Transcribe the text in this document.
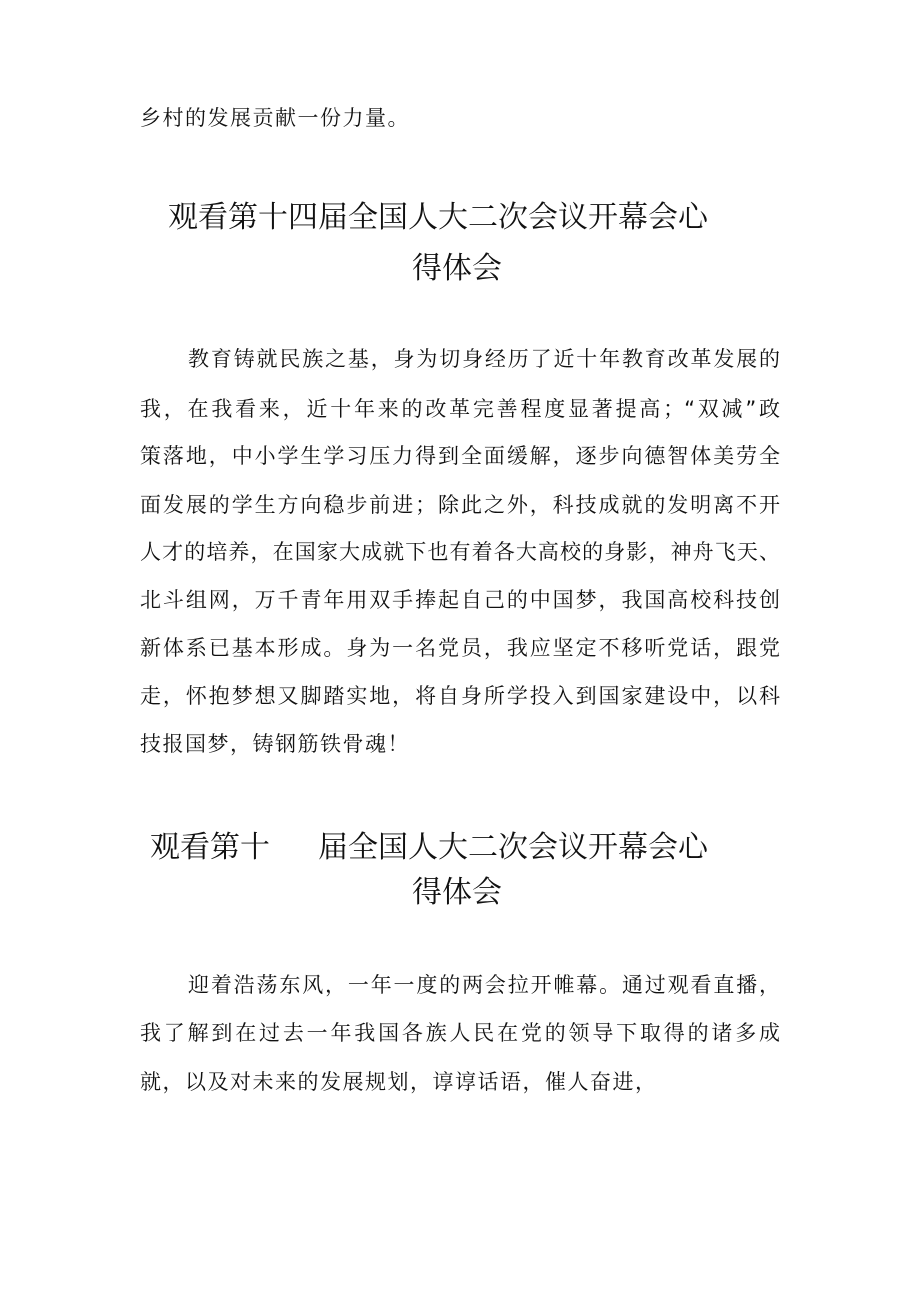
乡村的发展贡献一份力量。
观看第十四届全国人大二次会议开幕会心
得体会
教育铸就民族之基，身为切身经历了近十年教育改革发展的
我，在我看来，近十年来的改革完善程度显著提高；“双减”政
策落地，中小学生学习压力得到全面缓解，逐步向德智体美劳全
面发展的学生方向稳步前进；除此之外，科技成就的发明离不开
人才的培养，在国家大成就下也有着各大高校的身影，神舟飞天、
北斗组网，万千青年用双手捧起自己的中国梦，我国高校科技创
新体系已基本形成。身为一名党员，我应坚定不移听党话，跟党
走，怀抱梦想又脚踏实地，将自身所学投入到国家建设中，以科
技报国梦，铸钢筋铁骨魂！
观看第十 届全国人大二次会议开幕会心
得体会
迎着浩荡东风，一年一度的两会拉开帷幕。通过观看直播，
我了解到在过去一年我国各族人民在党的领导下取得的诸多成
就，以及对未来的发展规划，谆谆话语，催人奋进，
